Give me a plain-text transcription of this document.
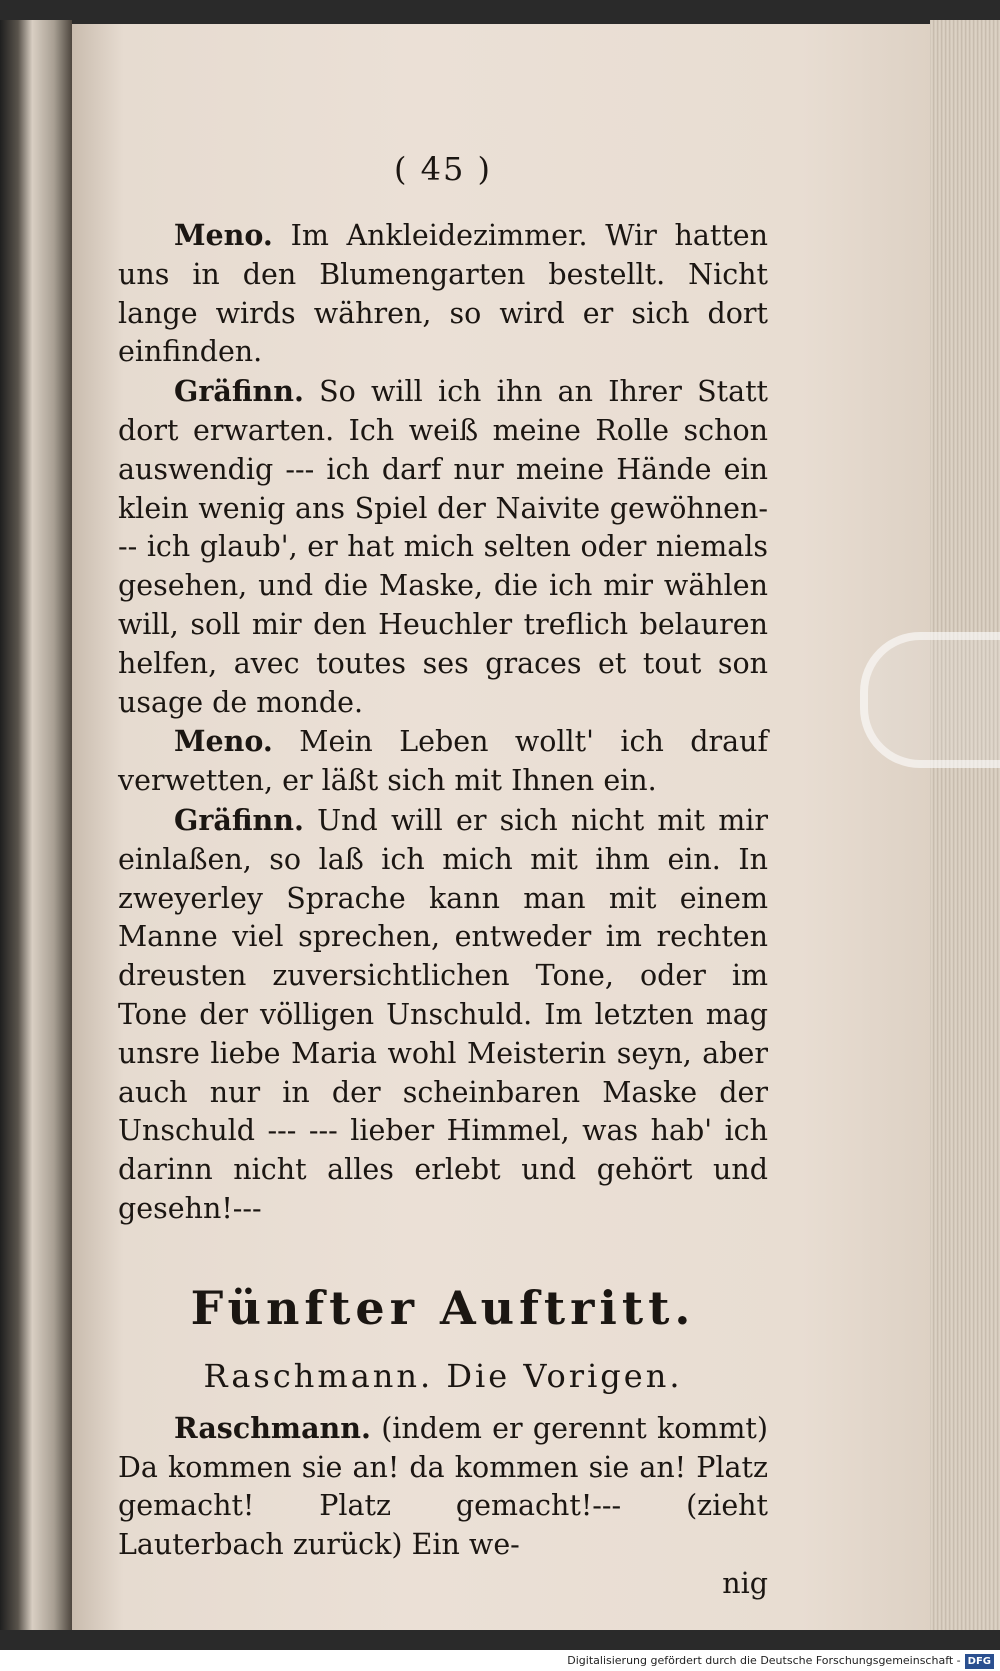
( 45 )

Meno. Im Ankleidezimmer. Wir hatten uns in den Blumengarten bestellt. Nicht lange wirds währen, so wird er sich dort einfinden.

Gräfinn. So will ich ihn an Ihrer Statt dort erwarten. Ich weiß meine Rolle schon auswendig --- ich darf nur meine Hände ein klein wenig ans Spiel der Naivite gewöhnen--- ich glaub', er hat mich selten oder niemals gesehen, und die Maske, die ich mir wählen will, soll mir den Heuchler treflich belauren helfen, avec toutes ses graces et tout son usage de monde.

Meno. Mein Leben wollt' ich drauf verwetten, er läßt sich mit Ihnen ein.

Gräfinn. Und will er sich nicht mit mir einlaßen, so laß ich mich mit ihm ein. In zweyerley Sprache kann man mit einem Manne viel sprechen, entweder im rechten dreusten zuversichtlichen Tone, oder im Tone der völligen Unschuld. Im letzten mag unsre liebe Maria wohl Meisterin seyn, aber auch nur in der scheinbaren Maske der Unschuld --- --- lieber Himmel, was hab' ich darinn nicht alles erlebt und gehört und gesehn!---

Fünfter Auftritt.

Raschmann. Die Vorigen.

Raschmann. (indem er gerennt kommt) Da kommen sie an! da kommen sie an! Platz gemacht! Platz gemacht!--- (zieht Lauterbach zurück) Ein we-

nig

Digitalisierung gefördert durch die Deutsche Forschungsgemeinschaft - DFG
